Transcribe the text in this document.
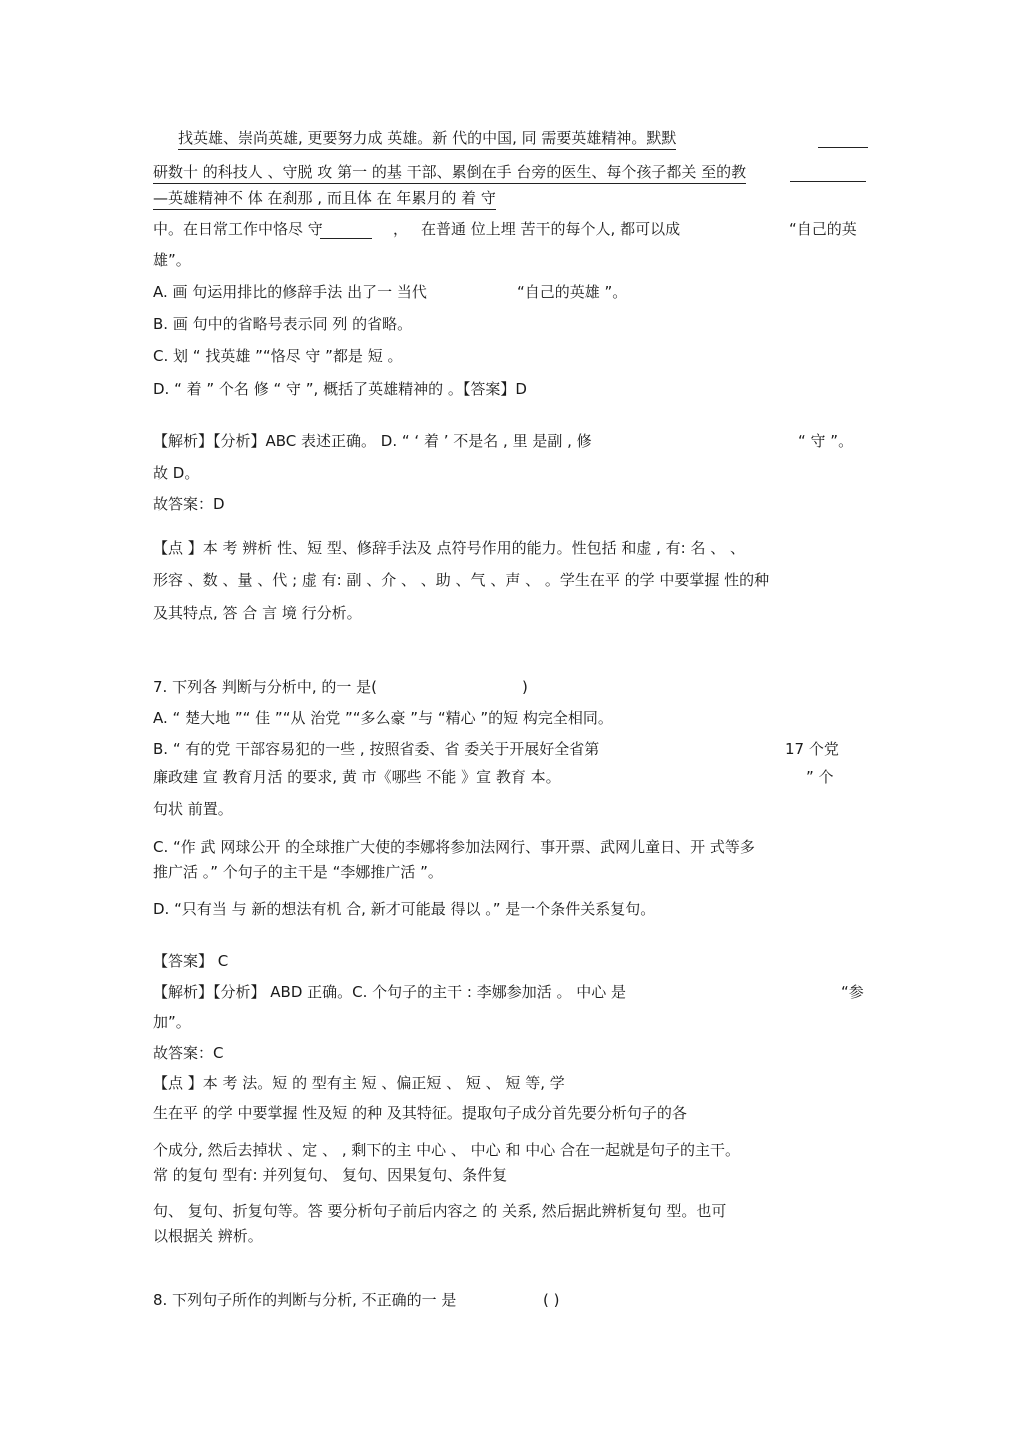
找英雄、崇尚英雄, 更要努力成 英雄。新 代的中国, 同 需要英雄精神。默默
研数十 的科技人 、守脱 攻 第一 的基 干部、累倒在手 台旁的医生、每个孩子都关 至的教
—英雄精神不 体 在刹那 , 而且体 在 年累月的 着 守
中。在日常工作中恪尽 守	， 在普通 位上埋 苦干的每个人, 都可以成	“自己的英
雄”。
A. 画 句运用排比的修辞手法 出了一 当代	“自己的英雄 ”。
B. 画 句中的省略号表示同 列 的省略。
C. 划 “ 找英雄 ”“恪尽 守 ”都是 短 。
D. “ 着 ” 个名 修 “ 守 ”, 概括了英雄精神的 。【答案】D
【解析】【分析】ABC 表述正确。 D. “ ‘ 着 ’ 不是名 , 里 是副 , 修	“ 守 ”。
故 D。
故答案：D
【点 】本 考 辨析 性、短 型、修辞手法及 点符号作用的能力。性包括 和虚 , 有: 名 、 、
形容 、数 、量 、代 ; 虚 有: 副 、介 、 、助 、气 、声 、 。学生在平 的学 中要掌握 性的种
及其特点, 答 合 言 境 行分析。
7. 下列各 判断与分析中, 的一 是(	)
A. “ 楚大地 ”“ 佳 ”“从 治党 ”“多么豪 ”与 “精心 ”的短 构完全相同。
B. “ 有的党 干部容易犯的一些 , 按照省委、省 委关于开展好全省第	17 个党
廉政建 宣 教育月活 的要求, 黄 市《哪些 不能 》宣 教育 本。	” 个
句状 前置。
C. “作 武 网球公开 的全球推广大使的李娜将参加法网行、事开票、武网儿童日、开 式等多
推广活 。” 个句子的主干是 “李娜推广活 ”。
D. “只有当 与 新的想法有机 合, 新才可能最 得以 。” 是一个条件关系复句。
【答案】 C
【解析】【分析】 ABD 正确。C. 个句子的主干 : 李娜参加活 。 中心 是	“参
加”。
故答案：C
【点 】本 考 法。短 的 型有主 短 、偏正短 、 短 、 短 等, 学
生在平 的学 中要掌握 性及短 的种 及其特征。提取句子成分首先要分析句子的各
个成分, 然后去掉状 、定 、 , 剩下的主 中心 、 中心 和 中心 合在一起就是句子的主干。
常 的复句 型有: 并列复句、 复句、因果复句、条件复
句、 复句、折复句等。答 要分析句子前后内容之 的 关系, 然后据此辨析复句 型。也可
以根据关 辨析。
8. 下列句子所作的判断与分析, 不正确的一 是	( )
